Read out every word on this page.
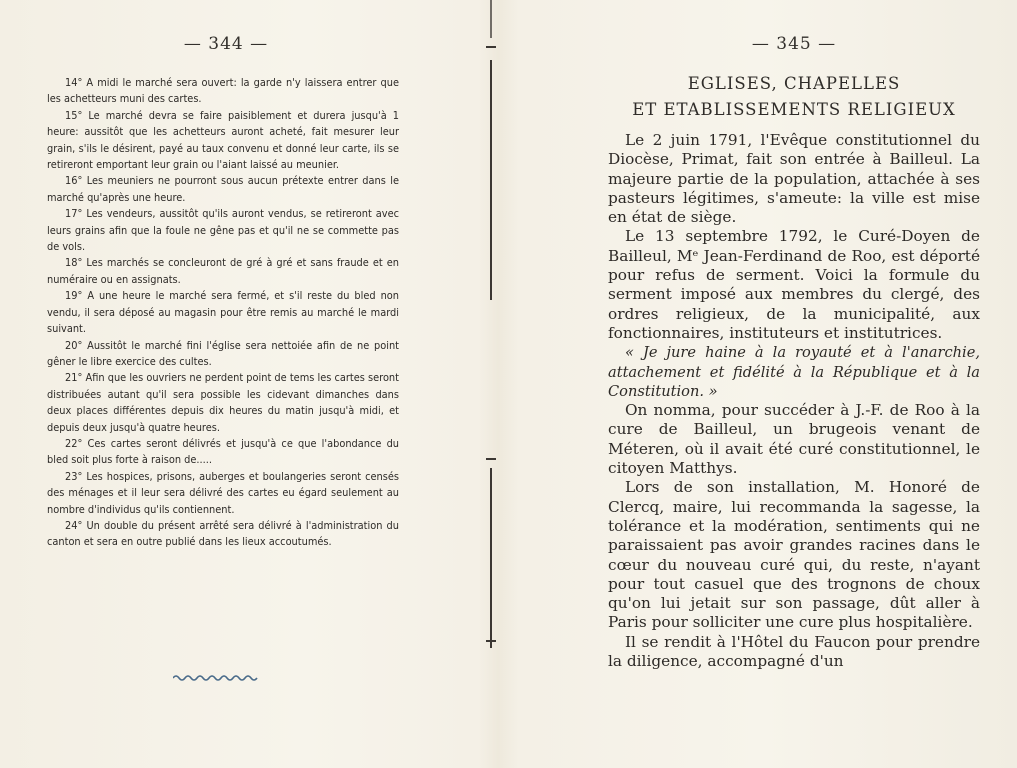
— 344 —

14° A midi le marché sera ouvert: la garde n'y laissera entrer que les achetteurs muni des cartes.

15° Le marché devra se faire paisiblement et durera jusqu'à 1 heure: aussitôt que les achetteurs auront acheté, fait mesurer leur grain, s'ils le désirent, payé au taux convenu et donné leur carte, ils se retireront emportant leur grain ou l'aiant laissé au meunier.

16° Les meuniers ne pourront sous aucun prétexte entrer dans le marché qu'après une heure.

17° Les vendeurs, aussitôt qu'ils auront vendus, se retireront avec leurs grains afin que la foule ne gêne pas et qu'il ne se commette pas de vols.

18° Les marchés se concleuront de gré à gré et sans fraude et en numéraire ou en assignats.

19° A une heure le marché sera fermé, et s'il reste du bled non vendu, il sera déposé au magasin pour être remis au marché le mardi suivant.

20° Aussitôt le marché fini l'église sera nettoiée afin de ne point gêner le libre exercice des cultes.

21° Afin que les ouvriers ne perdent point de tems les cartes seront distribuées autant qu'il sera possible les cidevant dimanches dans deux places différentes depuis dix heures du matin jusqu'à midi, et depuis deux jusqu'à quatre heures.

22° Ces cartes seront délivrés et jusqu'à ce que l'abondance du bled soit plus forte à raison de.....

23° Les hospices, prisons, auberges et boulangeries seront censés des ménages et il leur sera délivré des cartes eu égard seulement au nombre d'individus qu'ils contiennent.

24° Un double du présent arrêté sera délivré à l'administration du canton et sera en outre publié dans les lieux accoutumés.

— 345 —
EGLISES, CHAPELLES
ET ETABLISSEMENTS RELIGIEUX

Le 2 juin 1791, l'Evêque constitutionnel du Diocèse, Primat, fait son entrée à Bailleul. La majeure partie de la population, attachée à ses pasteurs légitimes, s'ameute: la ville est mise en état de siège.

Le 13 septembre 1792, le Curé-Doyen de Bailleul, Mᵉ Jean-Ferdinand de Roo, est déporté pour refus de serment. Voici la formule du serment imposé aux membres du clergé, des ordres religieux, de la municipalité, aux fonctionnaires, instituteurs et institutrices.

« Je jure haine à la royauté et à l'anarchie, attachement et fidélité à la République et à la Constitution. »

On nomma, pour succéder à J.-F. de Roo à la cure de Bailleul, un brugeois venant de Méteren, où il avait été curé constitutionnel, le citoyen Matthys.

Lors de son installation, M. Honoré de Clercq, maire, lui recommanda la sagesse, la tolérance et la modération, sentiments qui ne paraissaient pas avoir grandes racines dans le cœur du nouveau curé qui, du reste, n'ayant pour tout casuel que des trognons de choux qu'on lui jetait sur son passage, dût aller à Paris pour solliciter une cure plus hospitalière.

Il se rendit à l'Hôtel du Faucon pour prendre la diligence, accompagné d'un
